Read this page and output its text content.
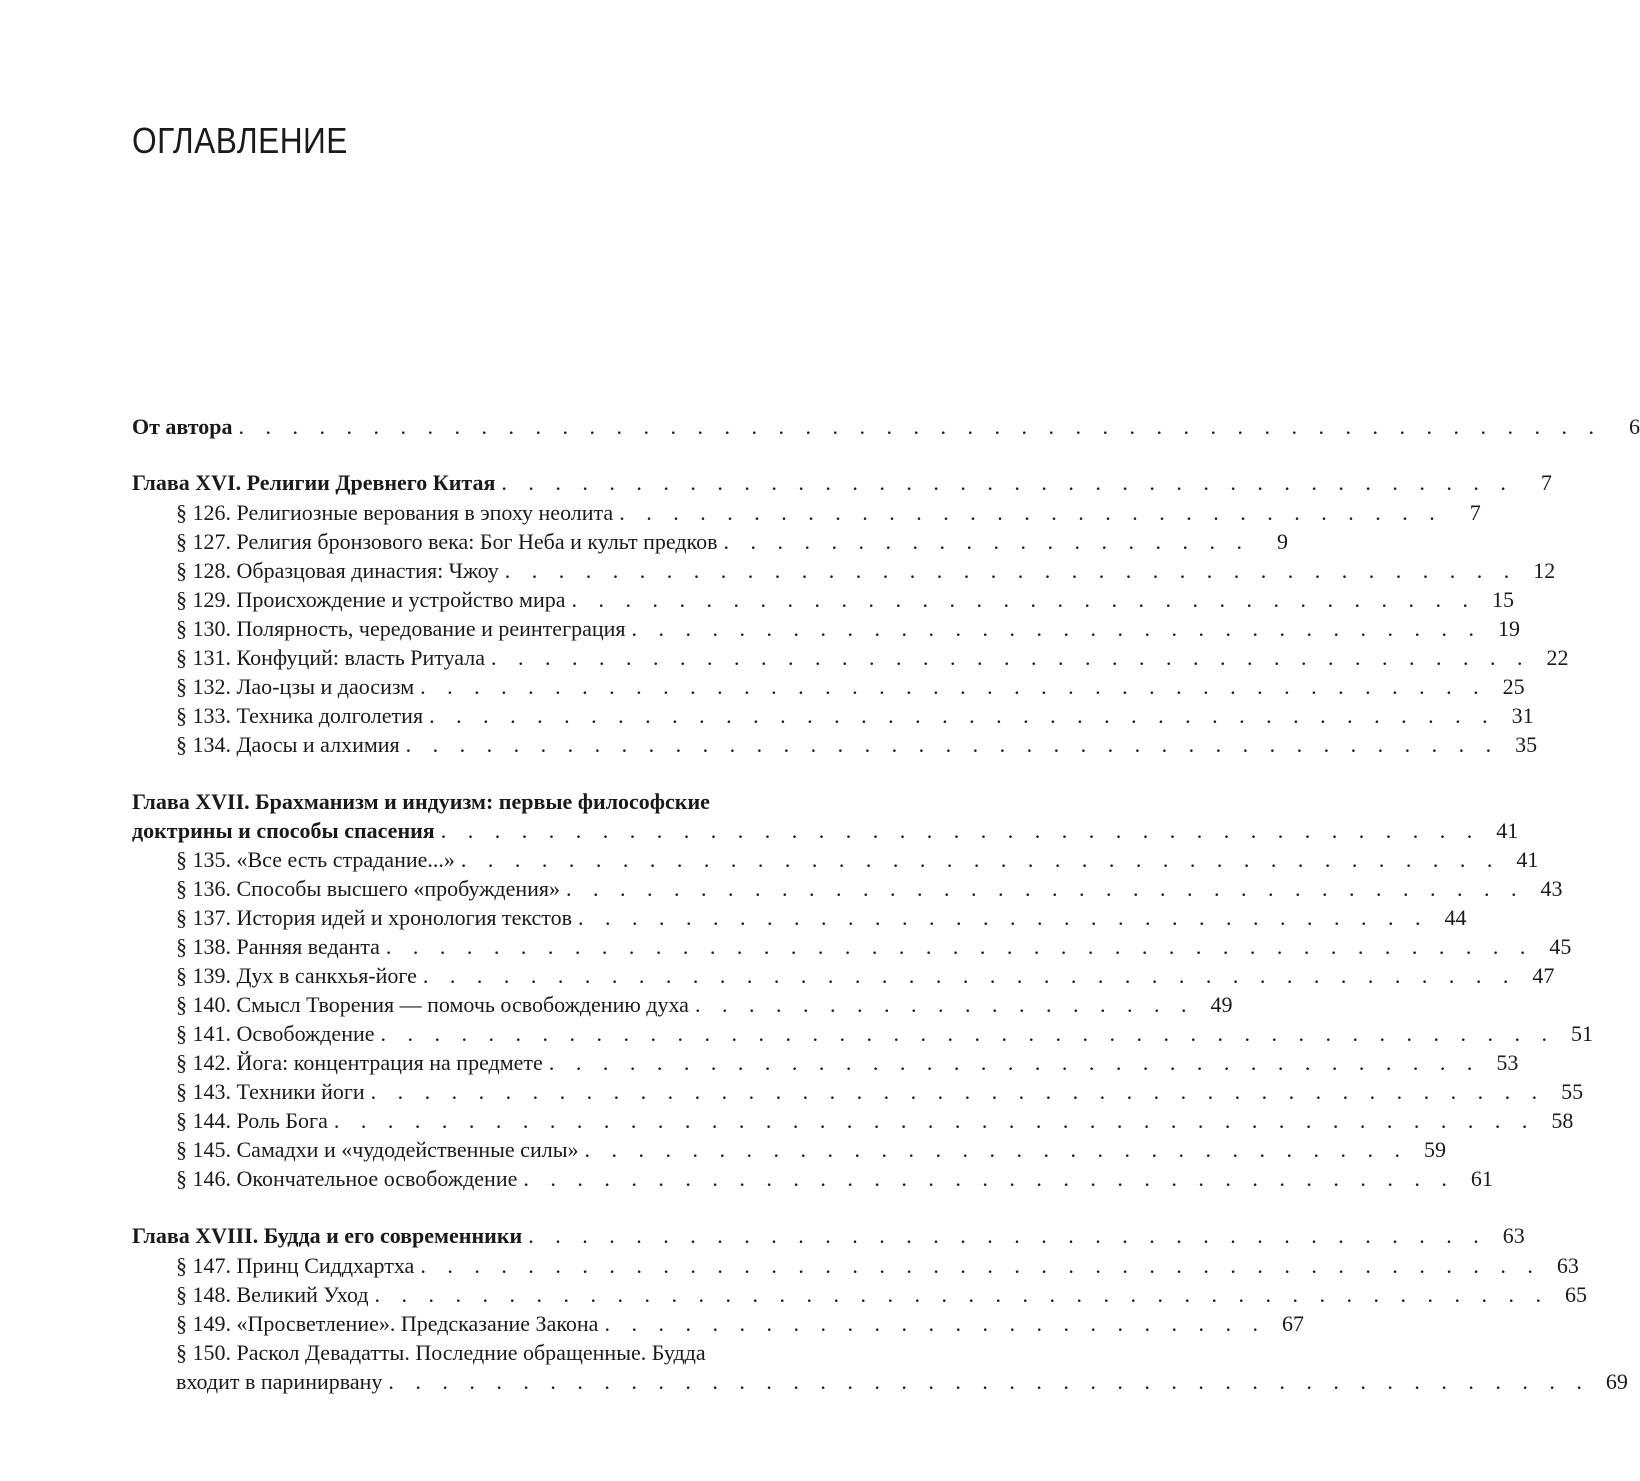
ОГЛАВЛЕНИЕ
От автора . . . . . . . . . . . . . . . . . . . . . . . . . . . . . . . . . . . . . . . . . . . . . . . . . . .	6
Глава XVI. Религии Древнего Китая . . . . . . . . . . . . . . . . . . . . . . . . . . . . . . . . . . . . . .	7
§ 126. Религиозные верования в эпоху неолита . . . . . . . . . . . . . . . . . . . . . . . . . . . . . . .	7
§ 127. Религия бронзового века: Бог Неба и культ предков . . . . . . . . . . . . . . . . . . . .	9
§ 128. Образцовая династия: Чжоу . . . . . . . . . . . . . . . . . . . . . . . . . . . . . . . . . . . . . . 12
§ 129. Происхождение и устройство мира . . . . . . . . . . . . . . . . . . . . . . . . . . . . . . . . . . 15
§ 130. Полярность, чередование и реинтеграция . . . . . . . . . . . . . . . . . . . . . . . . . . . . . . . . 19
§ 131. Конфуций: власть Ритуала . . . . . . . . . . . . . . . . . . . . . . . . . . . . . . . . . . . . . . . 22
§ 132. Лао-цзы и даосизм . . . . . . . . . . . . . . . . . . . . . . . . . . . . . . . . . . . . . . . . 25
§ 133. Техника долголетия . . . . . . . . . . . . . . . . . . . . . . . . . . . . . . . . . . . . . . . . 31
§ 134. Даосы и алхимия . . . . . . . . . . . . . . . . . . . . . . . . . . . . . . . . . . . . . . . . . 35
Глава XVII. Брахманизм и индуизм: первые философские
доктрины и способы спасения . . . . . . . . . . . . . . . . . . . . . . . . . . . . . . . . . . . . . . . 41
§ 135. «Все есть страдание...» . . . . . . . . . . . . . . . . . . . . . . . . . . . . . . . . . . . . . . . 41
§ 136. Способы высшего «пробуждения» . . . . . . . . . . . . . . . . . . . . . . . . . . . . . . . . . . . . 43
§ 137. История идей и хронология текстов . . . . . . . . . . . . . . . . . . . . . . . . . . . . . . . . 44
§ 138. Ранняя веданта . . . . . . . . . . . . . . . . . . . . . . . . . . . . . . . . . . . . . . . . . . . 45
§ 139. Дух в санкхья-йоге . . . . . . . . . . . . . . . . . . . . . . . . . . . . . . . . . . . . . . . . . 47
§ 140. Смысл Творения — помочь освобождению духа . . . . . . . . . . . . . . . . . . . 49
§ 141. Освобождение . . . . . . . . . . . . . . . . . . . . . . . . . . . . . . . . . . . . . . . . . . . . 51
§ 142. Йога: концентрация на предмете . . . . . . . . . . . . . . . . . . . . . . . . . . . . . . . . . . . 53
§ 143. Техники йоги . . . . . . . . . . . . . . . . . . . . . . . . . . . . . . . . . . . . . . . . . . . . 55
§ 144. Роль Бога . . . . . . . . . . . . . . . . . . . . . . . . . . . . . . . . . . . . . . . . . . . . . 58
§ 145. Самадхи и «чудодейственные силы» . . . . . . . . . . . . . . . . . . . . . . . . . . . . . . . 59
§ 146. Окончательное освобождение . . . . . . . . . . . . . . . . . . . . . . . . . . . . . . . . . . . 61
Глава XVIII. Будда и его современники . . . . . . . . . . . . . . . . . . . . . . . . . . . . . . . . . . . . 63
§ 147. Принц Сиддхартха . . . . . . . . . . . . . . . . . . . . . . . . . . . . . . . . . . . . . . . . . . 63
§ 148. Великий Уход . . . . . . . . . . . . . . . . . . . . . . . . . . . . . . . . . . . . . . . . . . . . 65
§ 149. «Просветление». Предсказание Закона . . . . . . . . . . . . . . . . . . . . . . . . . 67
§ 150. Раскол Девадатты. Последние обращенные. Будда
входит в паринирвану . . . . . . . . . . . . . . . . . . . . . . . . . . . . . . . . . . . . . . . . . . . . . 69
